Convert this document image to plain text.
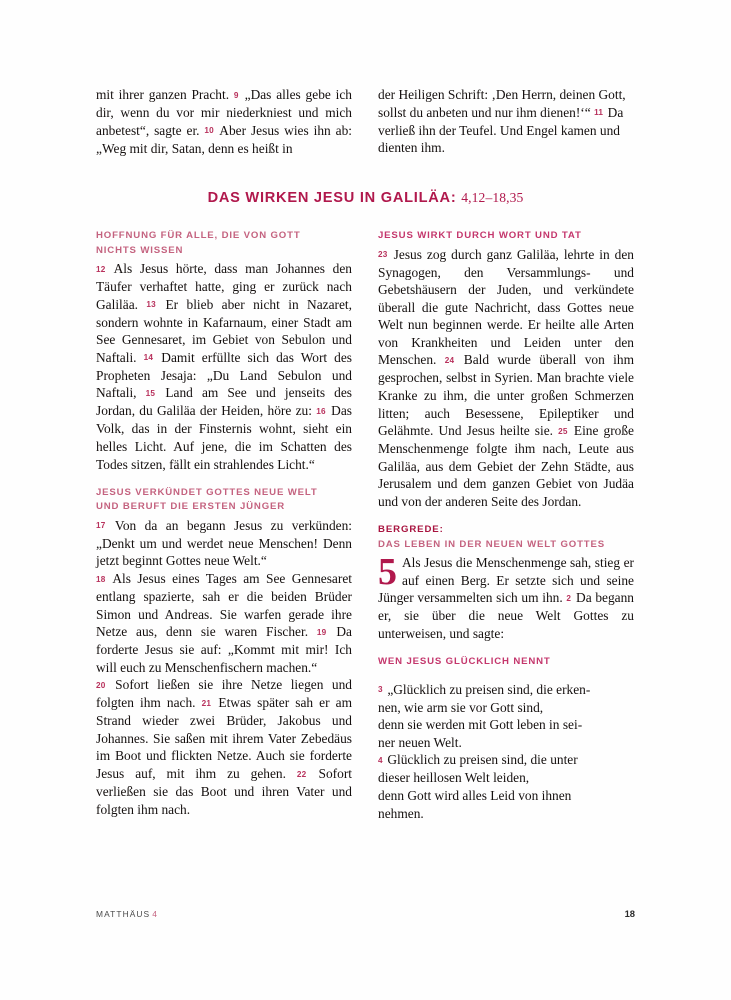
mit ihrer ganzen Pracht. 9 „Das alles gebe ich dir, wenn du vor mir niederkniest und mich anbetest“, sagte er. 10 Aber Jesus wies ihn ab: „Weg mit dir, Satan, denn es heißt in

der Heiligen Schrift: ‚Den Herrn, deinen Gott, sollst du anbeten und nur ihm dienen!‘“ 11 Da verließ ihn der Teufel. Und Engel kamen und dienten ihm.

DAS WIRKEN JESU IN GALILÄA: 4,12–18,35
HOFFNUNG FÜR ALLE, DIE VON GOTT
NICHTS WISSEN

12 Als Jesus hörte, dass man Johannes den Täufer verhaftet hatte, ging er zurück nach Galiläa. 13 Er blieb aber nicht in Nazaret, sondern wohnte in Kafarnaum, einer Stadt am See Gennesaret, im Gebiet von Sebulon und Naftali. 14 Damit erfüllte sich das Wort des Propheten Jesaja: „Du Land Sebulon und Naftali, 15 Land am See und jenseits des Jordan, du Galiläa der Heiden, höre zu: 16 Das Volk, das in der Finsternis wohnt, sieht ein helles Licht. Auf jene, die im Schatten des Todes sitzen, fällt ein strahlendes Licht.“

JESUS VERKÜNDET GOTTES NEUE WELT
UND BERUFT DIE ERSTEN JÜNGER

17 Von da an begann Jesus zu verkünden: „Denkt um und werdet neue Menschen! Denn jetzt beginnt Gottes neue Welt.“

18 Als Jesus eines Tages am See Gennesaret entlang spazierte, sah er die beiden Brüder Simon und Andreas. Sie warfen gerade ihre Netze aus, denn sie waren Fischer. 19 Da forderte Jesus sie auf: „Kommt mit mir! Ich will euch zu Menschenfischern machen.“

20 Sofort ließen sie ihre Netze liegen und folgten ihm nach. 21 Etwas später sah er am Strand wieder zwei Brüder, Jakobus und Johannes. Sie saßen mit ihrem Vater Zebedäus im Boot und flickten Netze. Auch sie forderte Jesus auf, mit ihm zu gehen. 22 Sofort verließen sie das Boot und ihren Vater und folgten ihm nach.

JESUS WIRKT DURCH WORT UND TAT

23 Jesus zog durch ganz Galiläa, lehrte in den Synagogen, den Versammlungs- und Gebetshäusern der Juden, und verkündete überall die gute Nachricht, dass Gottes neue Welt nun beginnen werde. Er heilte alle Arten von Krankheiten und Leiden unter den Menschen. 24 Bald wurde überall von ihm gesprochen, selbst in Syrien. Man brachte viele Kranke zu ihm, die unter großen Schmerzen litten; auch Besessene, Epileptiker und Gelähmte. Und Jesus heilte sie. 25 Eine große Menschenmenge folgte ihm nach, Leute aus Galiläa, aus dem Gebiet der Zehn Städte, aus Jerusalem und dem ganzen Gebiet von Judäa und von der anderen Seite des Jordan.

BERGREDE:
DAS LEBEN IN DER NEUEN WELT GOTTES

5 Als Jesus die Menschenmenge sah, stieg er auf einen Berg. Er setzte sich und seine Jünger versammelten sich um ihn. 2 Da begann er, sie über die neue Welt Gottes zu unterweisen, und sagte:

WEN JESUS GLÜCKLICH NENNT
3 „Glücklich zu preisen sind, die erken-
nen, wie arm sie vor Gott sind,
denn sie werden mit Gott leben in sei-
ner neuen Welt.
4 Glücklich zu preisen sind, die unter
dieser heillosen Welt leiden,
denn Gott wird alles Leid von ihnen
nehmen.
MATTHÄUS 4	18
